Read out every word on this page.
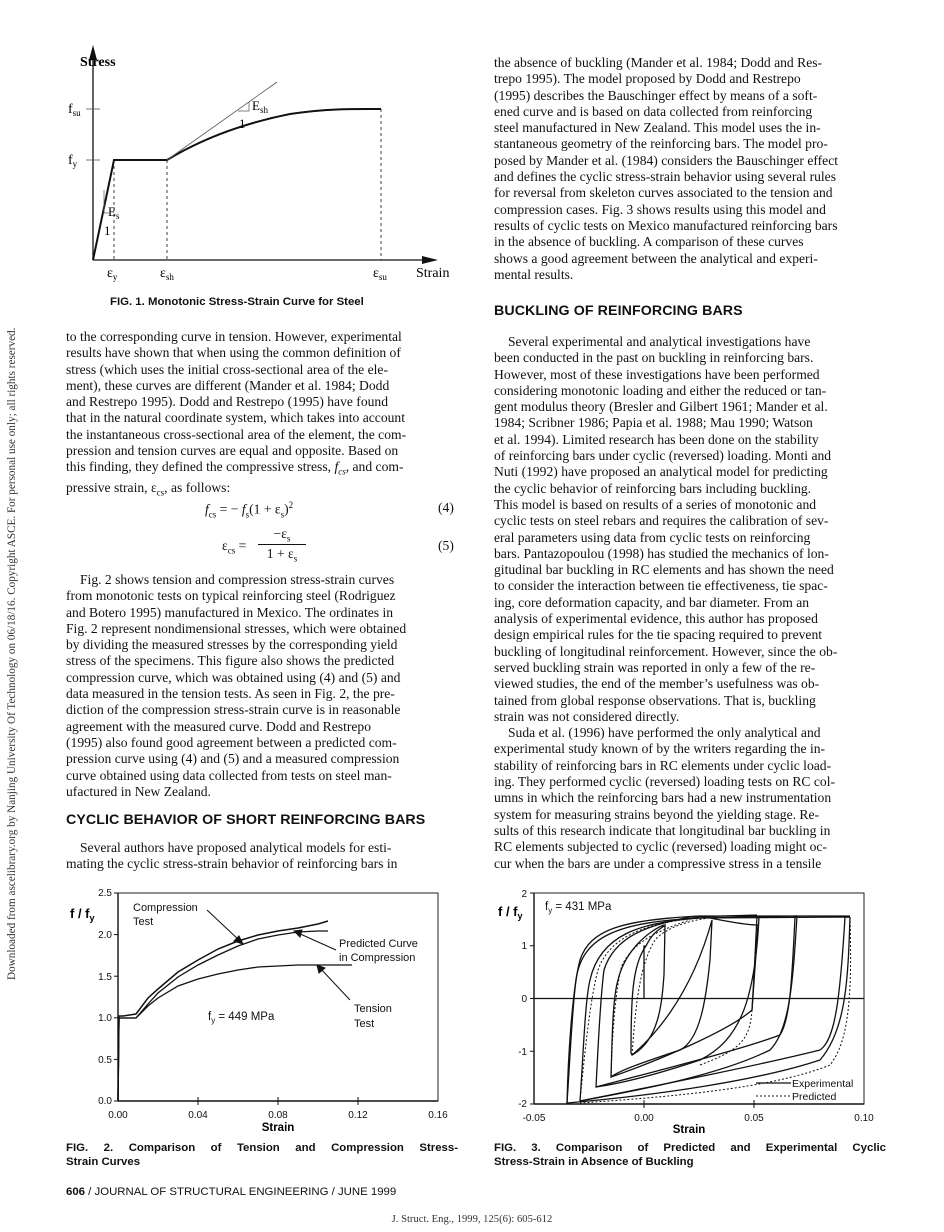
Downloaded from ascelibrary.org by Nanjing University Of Technology on 06/18/16. Copyright ASCE. For personal use only; all rights reserved.
Stress
Strain
$f_{su}$
$f_y$
$\varepsilon_y$	$\varepsilon_{sh}$	$\varepsilon_{su}$
$E_s$
1
$E_{sh}$
1
FIG. 1. Monotonic Stress-Strain Curve for Steel

to the corresponding curve in tension. However, experimental

results have shown that when using the common definition of

stress (which uses the initial cross-sectional area of the ele-

ment), these curves are different (Mander et al. 1984; Dodd

and Restrepo 1995). Dodd and Restrepo (1995) have found

that in the natural coordinate system, which takes into account

the instantaneous cross-sectional area of the element, the com-

pression and tension curves are equal and opposite. Based on

this finding, they defined the compressive stress, $f_{cs}$, and com-

pressive strain, $\varepsilon_{cs}$, as follows:

$f_{cs}$ = − $f_s(1 + \varepsilon_s)^2$	(4)
$\varepsilon_{cs}$ =
$-\varepsilon_s$
$1 + \varepsilon_s$
(5)

Fig. 2 shows tension and compression stress-strain curves

from monotonic tests on typical reinforcing steel (Rodriguez

and Botero 1995) manufactured in Mexico. The ordinates in

Fig. 2 represent nondimensional stresses, which were obtained

by dividing the measured stresses by the corresponding yield

stress of the specimens. This figure also shows the predicted

compression curve, which was obtained using (4) and (5) and

data measured in the tension tests. As seen in Fig. 2, the pre-

diction of the compression stress-strain curve is in reasonable

agreement with the measured curve. Dodd and Restrepo

(1995) also found good agreement between a predicted com-

pression curve using (4) and (5) and a measured compression

curve obtained using data collected from tests on steel man-

ufactured in New Zealand.

CYCLIC BEHAVIOR OF SHORT REINFORCING BARS

Several authors have proposed analytical models for esti-

mating the cyclic stress-strain behavior of reinforcing bars in

2.5
2.0
1.5
1.0
0.5
0.0
0.00	0.04	0.08	0.12	0.16
Strain
f / $f_y$
Compression
Test
Predicted Curve
in Compression
Tension
Test
$f_y = 449$ MPa
FIG. 2. Comparison of Tension and Compression Stress-
Strain Curves

the absence of buckling (Mander et al. 1984; Dodd and Res-

trepo 1995). The model proposed by Dodd and Restrepo

(1995) describes the Bauschinger effect by means of a soft-

ened curve and is based on data collected from reinforcing

steel manufactured in New Zealand. This model uses the in-

stantaneous geometry of the reinforcing bars. The model pro-

posed by Mander et al. (1984) considers the Bauschinger effect

and defines the cyclic stress-strain behavior using several rules

for reversal from skeleton curves associated to the tension and

compression cases. Fig. 3 shows results using this model and

results of cyclic tests on Mexico manufactured reinforcing bars

in the absence of buckling. A comparison of these curves

shows a good agreement between the analytical and experi-

mental results.

BUCKLING OF REINFORCING BARS

Several experimental and analytical investigations have

been conducted in the past on buckling in reinforcing bars.

However, most of these investigations have been performed

considering monotonic loading and either the reduced or tan-

gent modulus theory (Bresler and Gilbert 1961; Mander et al.

1984; Scribner 1986; Papia et al. 1988; Mau 1990; Watson

et al. 1994). Limited research has been done on the stability

of reinforcing bars under cyclic (reversed) loading. Monti and

Nuti (1992) have proposed an analytical model for predicting

the cyclic behavior of reinforcing bars including buckling.

This model is based on results of a series of monotonic and

cyclic tests on steel rebars and requires the calibration of sev-

eral parameters using data from cyclic tests on reinforcing

bars. Pantazopoulou (1998) has studied the mechanics of lon-

gitudinal bar buckling in RC elements and has shown the need

to consider the interaction between tie effectiveness, tie spac-

ing, core deformation capacity, and bar diameter. From an

analysis of experimental evidence, this author has proposed

design empirical rules for the tie spacing required to prevent

buckling of longitudinal reinforcement. However, since the ob-

served buckling strain was reported in only a few of the re-

viewed studies, the end of the member’s usefulness was ob-

tained from global response observations. That is, buckling

strain was not considered directly.

Suda et al. (1996) have performed the only analytical and

experimental study known of by the writers regarding the in-

stability of reinforcing bars in RC elements under cyclic load-

ing. They performed cyclic (reversed) loading tests on RC col-

umns in which the reinforcing bars had a new instrumentation

system for measuring strains beyond the yielding stage. Re-

sults of this research indicate that longitudinal bar buckling in

RC elements subjected to cyclic (reversed) loading might oc-

cur when the bars are under a compressive stress in a tensile

2
1
0
-1
-2
-0.05	0.00	0.05	0.10
Strain
f / $f_y$
$f_y = 431$ MPa
Experimental
Predicted
FIG. 3. Comparison of Predicted and Experimental Cyclic
Stress-Strain in Absence of Buckling
606 / JOURNAL OF STRUCTURAL ENGINEERING / JUNE 1999
J. Struct. Eng., 1999, 125(6): 605-612
